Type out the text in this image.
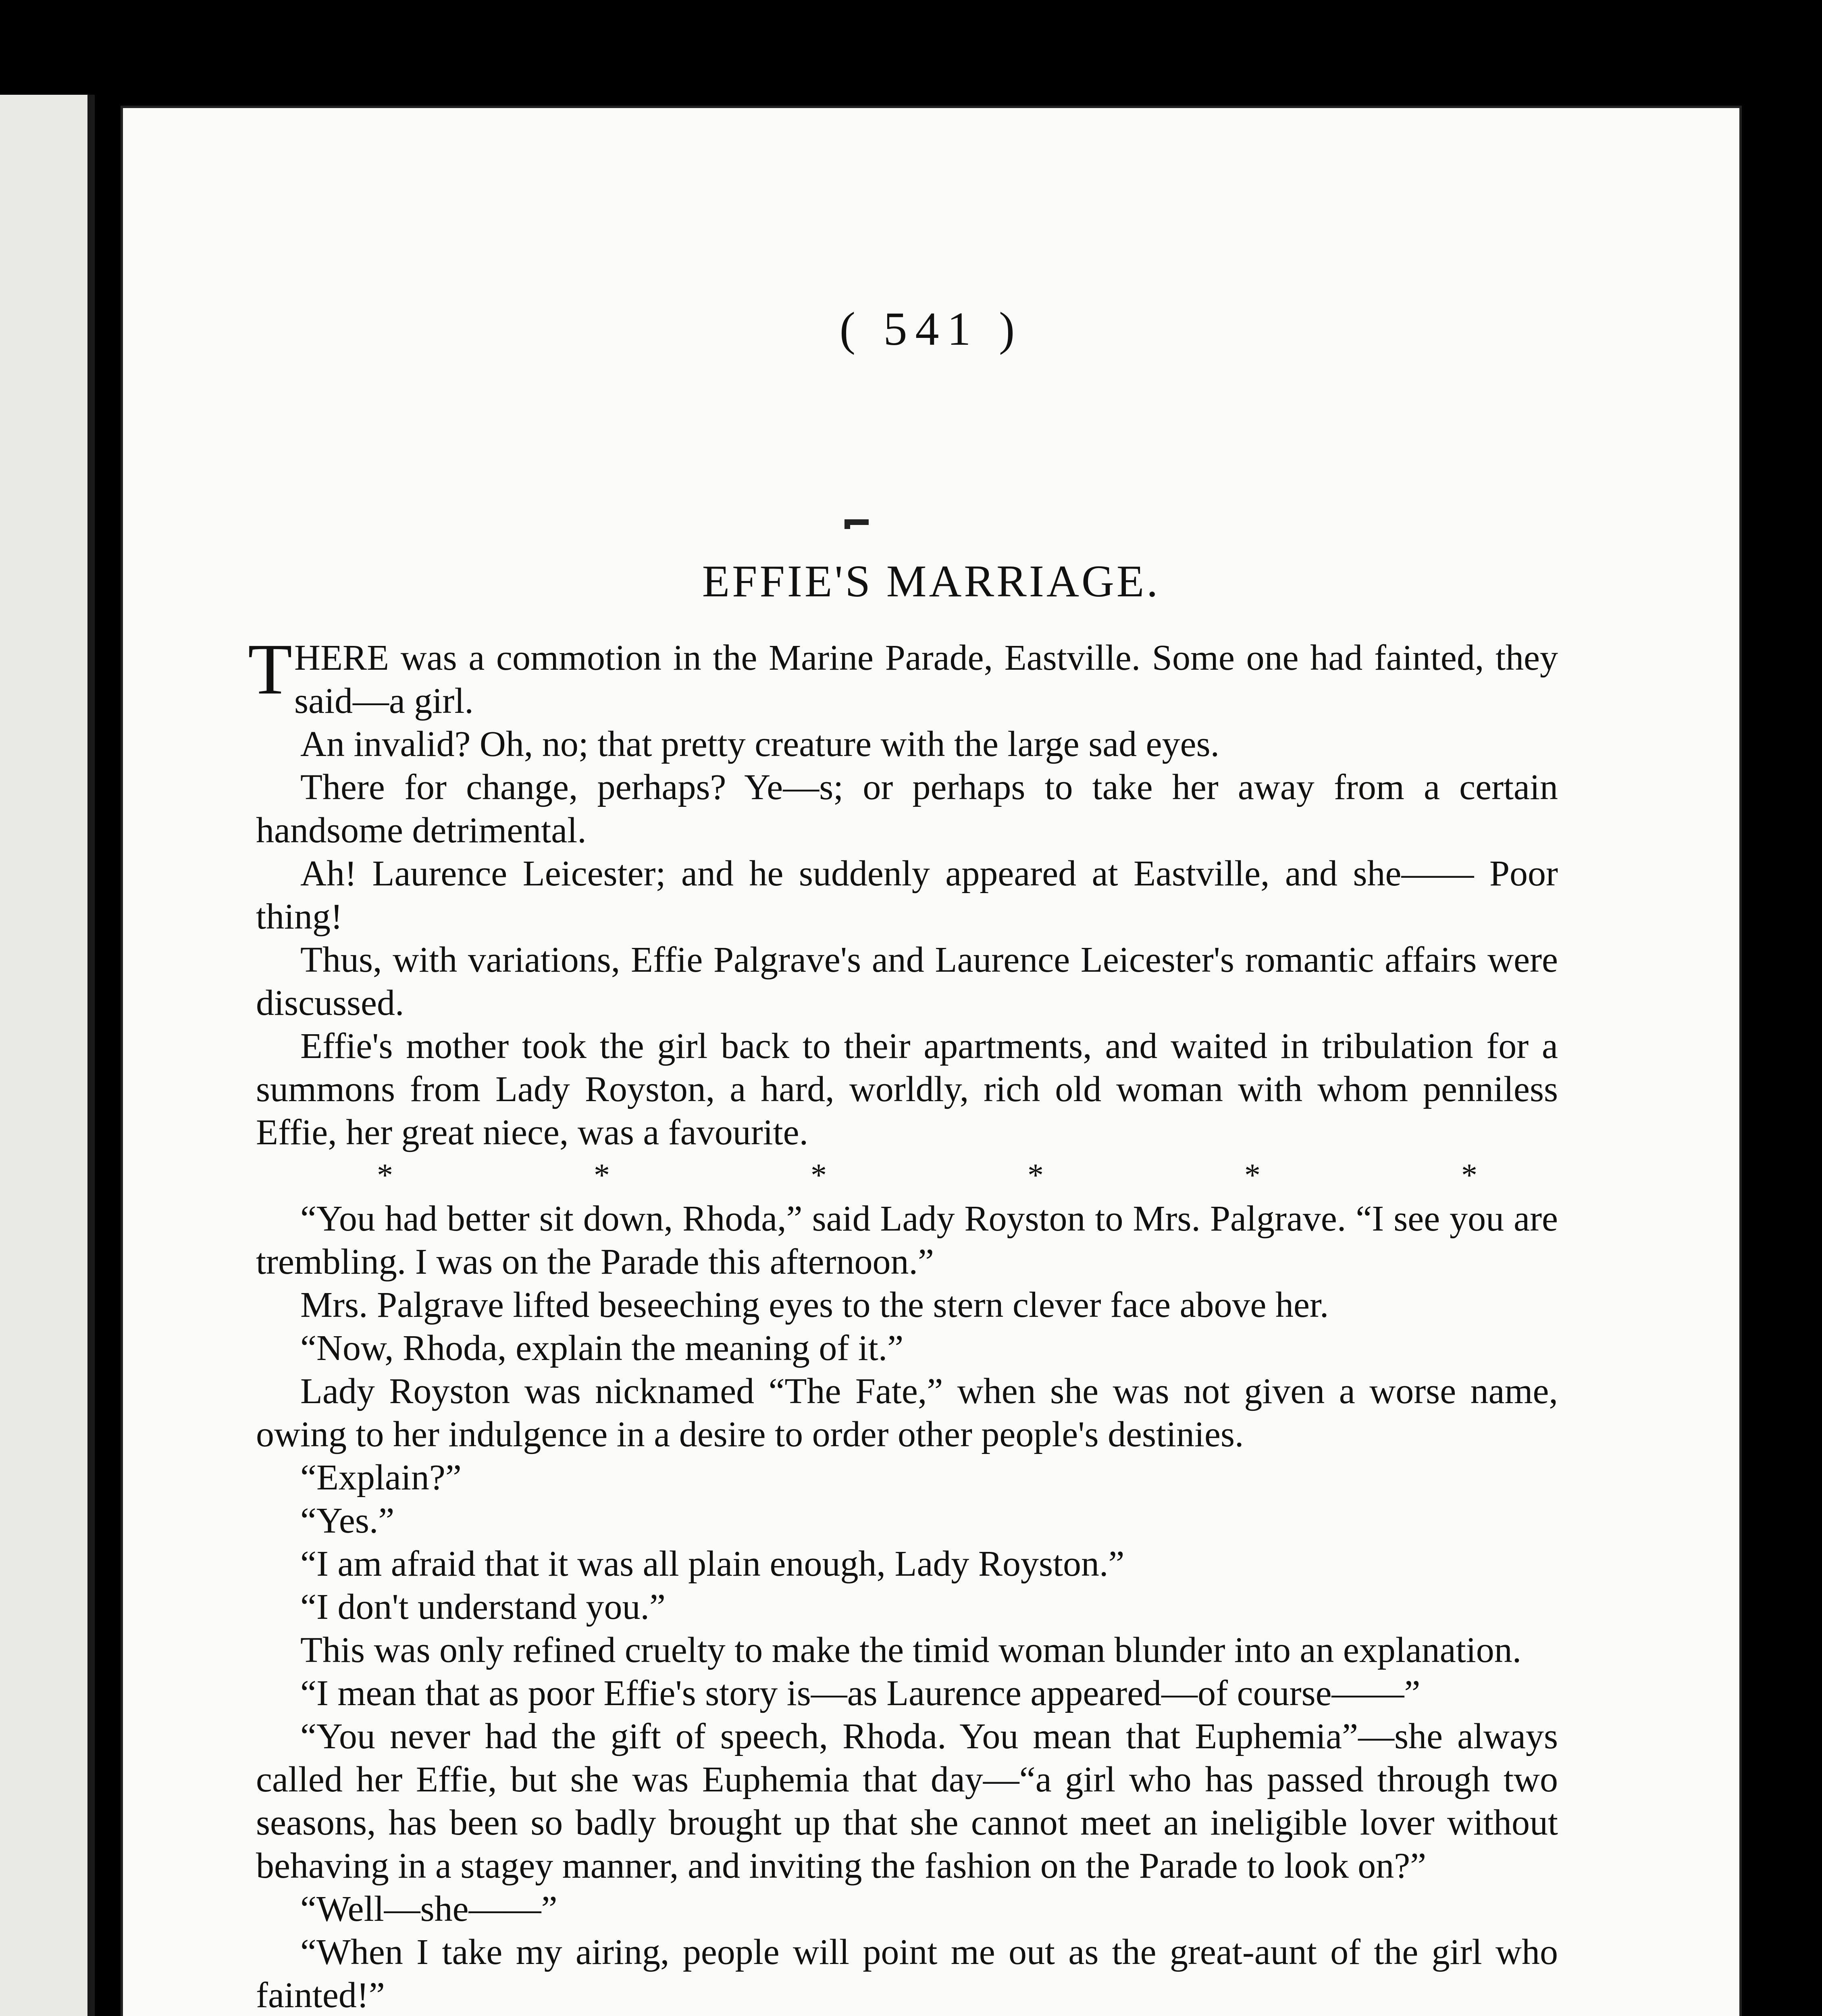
( 541 )
EFFIE'S MARRIAGE.

T HERE was a commotion in the Marine Parade, Eastville. Some one had fainted, they said—a girl.

An invalid? Oh, no; that pretty creature with the large sad eyes.

There for change, perhaps? Ye—s; or perhaps to take her away from a certain handsome detrimental.

Ah! Laurence Leicester; and he suddenly appeared at Eastville, and she—— Poor thing!

Thus, with variations, Effie Palgrave's and Laurence Leicester's romantic affairs were discussed.

Effie's mother took the girl back to their apartments, and waited in tribulation for a summons from Lady Royston, a hard, worldly, rich old woman with whom penniless Effie, her great niece, was a favourite.

*	*	*	*	*	*

“You had better sit down, Rhoda,” said Lady Royston to Mrs. Palgrave. “I see you are trembling. I was on the Parade this afternoon.”

Mrs. Palgrave lifted beseeching eyes to the stern clever face above her.

“Now, Rhoda, explain the meaning of it.”

Lady Royston was nicknamed “The Fate,” when she was not given a worse name, owing to her indulgence in a desire to order other people's destinies.

“Explain?”

“Yes.”

“I am afraid that it was all plain enough, Lady Royston.”

“I don't understand you.”

This was only refined cruelty to make the timid woman blunder into an explanation.

“I mean that as poor Effie's story is—as Laurence appeared—of course——”

“You never had the gift of speech, Rhoda. You mean that Euphemia”—she always called her Effie, but she was Euphemia that day—“a girl who has passed through two seasons, has been so badly brought up that she cannot meet an ineligible lover without behaving in a stagey manner, and inviting the fashion on the Parade to look on?”

“Well—she——”

“When I take my airing, people will point me out as the great-aunt of the girl who fainted!”
